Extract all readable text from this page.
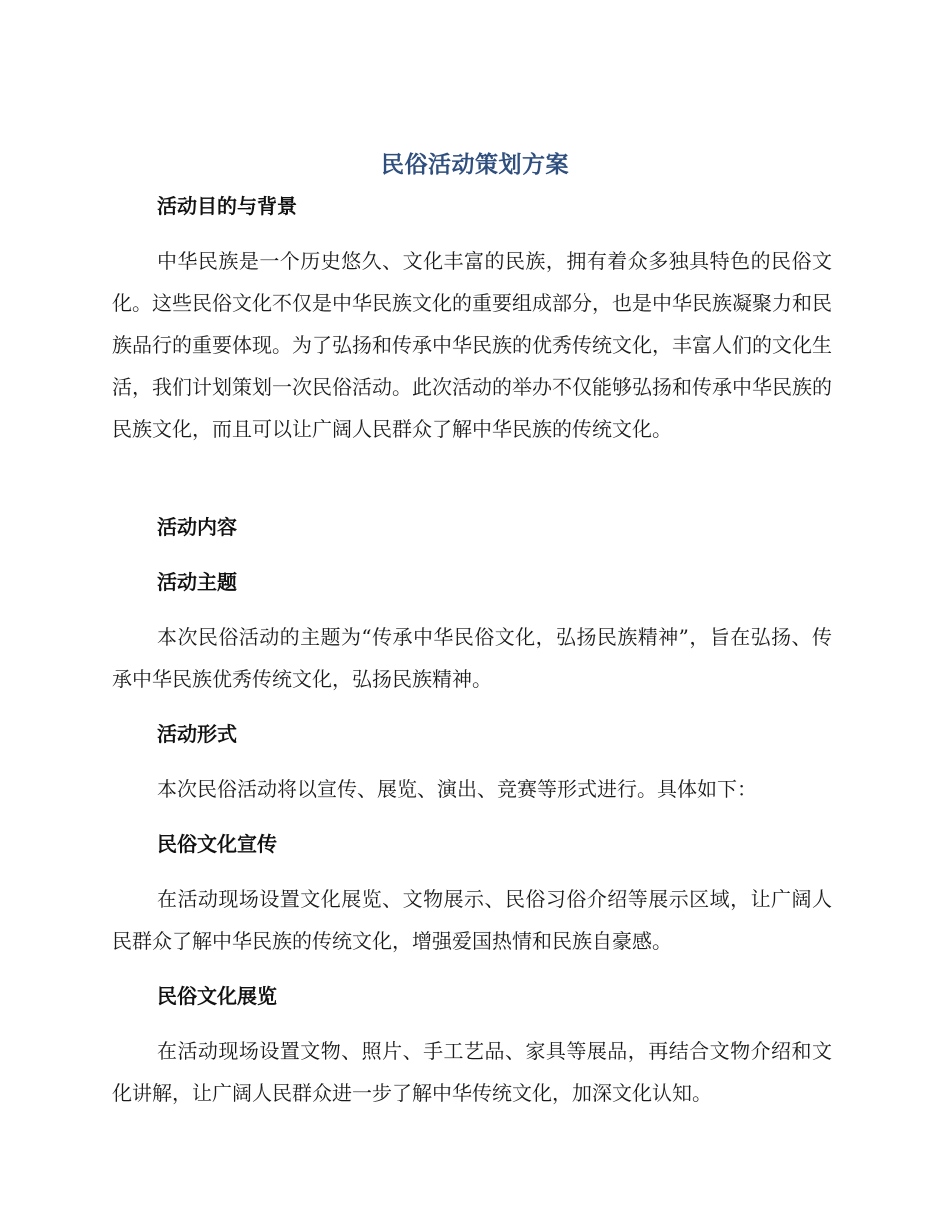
民俗活动策划方案
活动目的与背景

中华民族是一个历史悠久、文化丰富的民族，拥有着众多独具特色的民俗文化。这些民俗文化不仅是中华民族文化的重要组成部分，也是中华民族凝聚力和民族品行的重要体现。为了弘扬和传承中华民族的优秀传统文化，丰富人们的文化生活，我们计划策划一次民俗活动。此次活动的举办不仅能够弘扬和传承中华民族的民族文化，而且可以让广阔人民群众了解中华民族的传统文化。

活动内容
活动主题

本次民俗活动的主题为“传承中华民俗文化，弘扬民族精神”，旨在弘扬、传承中华民族优秀传统文化，弘扬民族精神。

活动形式

本次民俗活动将以宣传、展览、演出、竞赛等形式进行。具体如下：

民俗文化宣传

在活动现场设置文化展览、文物展示、民俗习俗介绍等展示区域，让广阔人民群众了解中华民族的传统文化，增强爱国热情和民族自豪感。

民俗文化展览

在活动现场设置文物、照片、手工艺品、家具等展品，再结合文物介绍和文化讲解，让广阔人民群众进一步了解中华传统文化，加深文化认知。
